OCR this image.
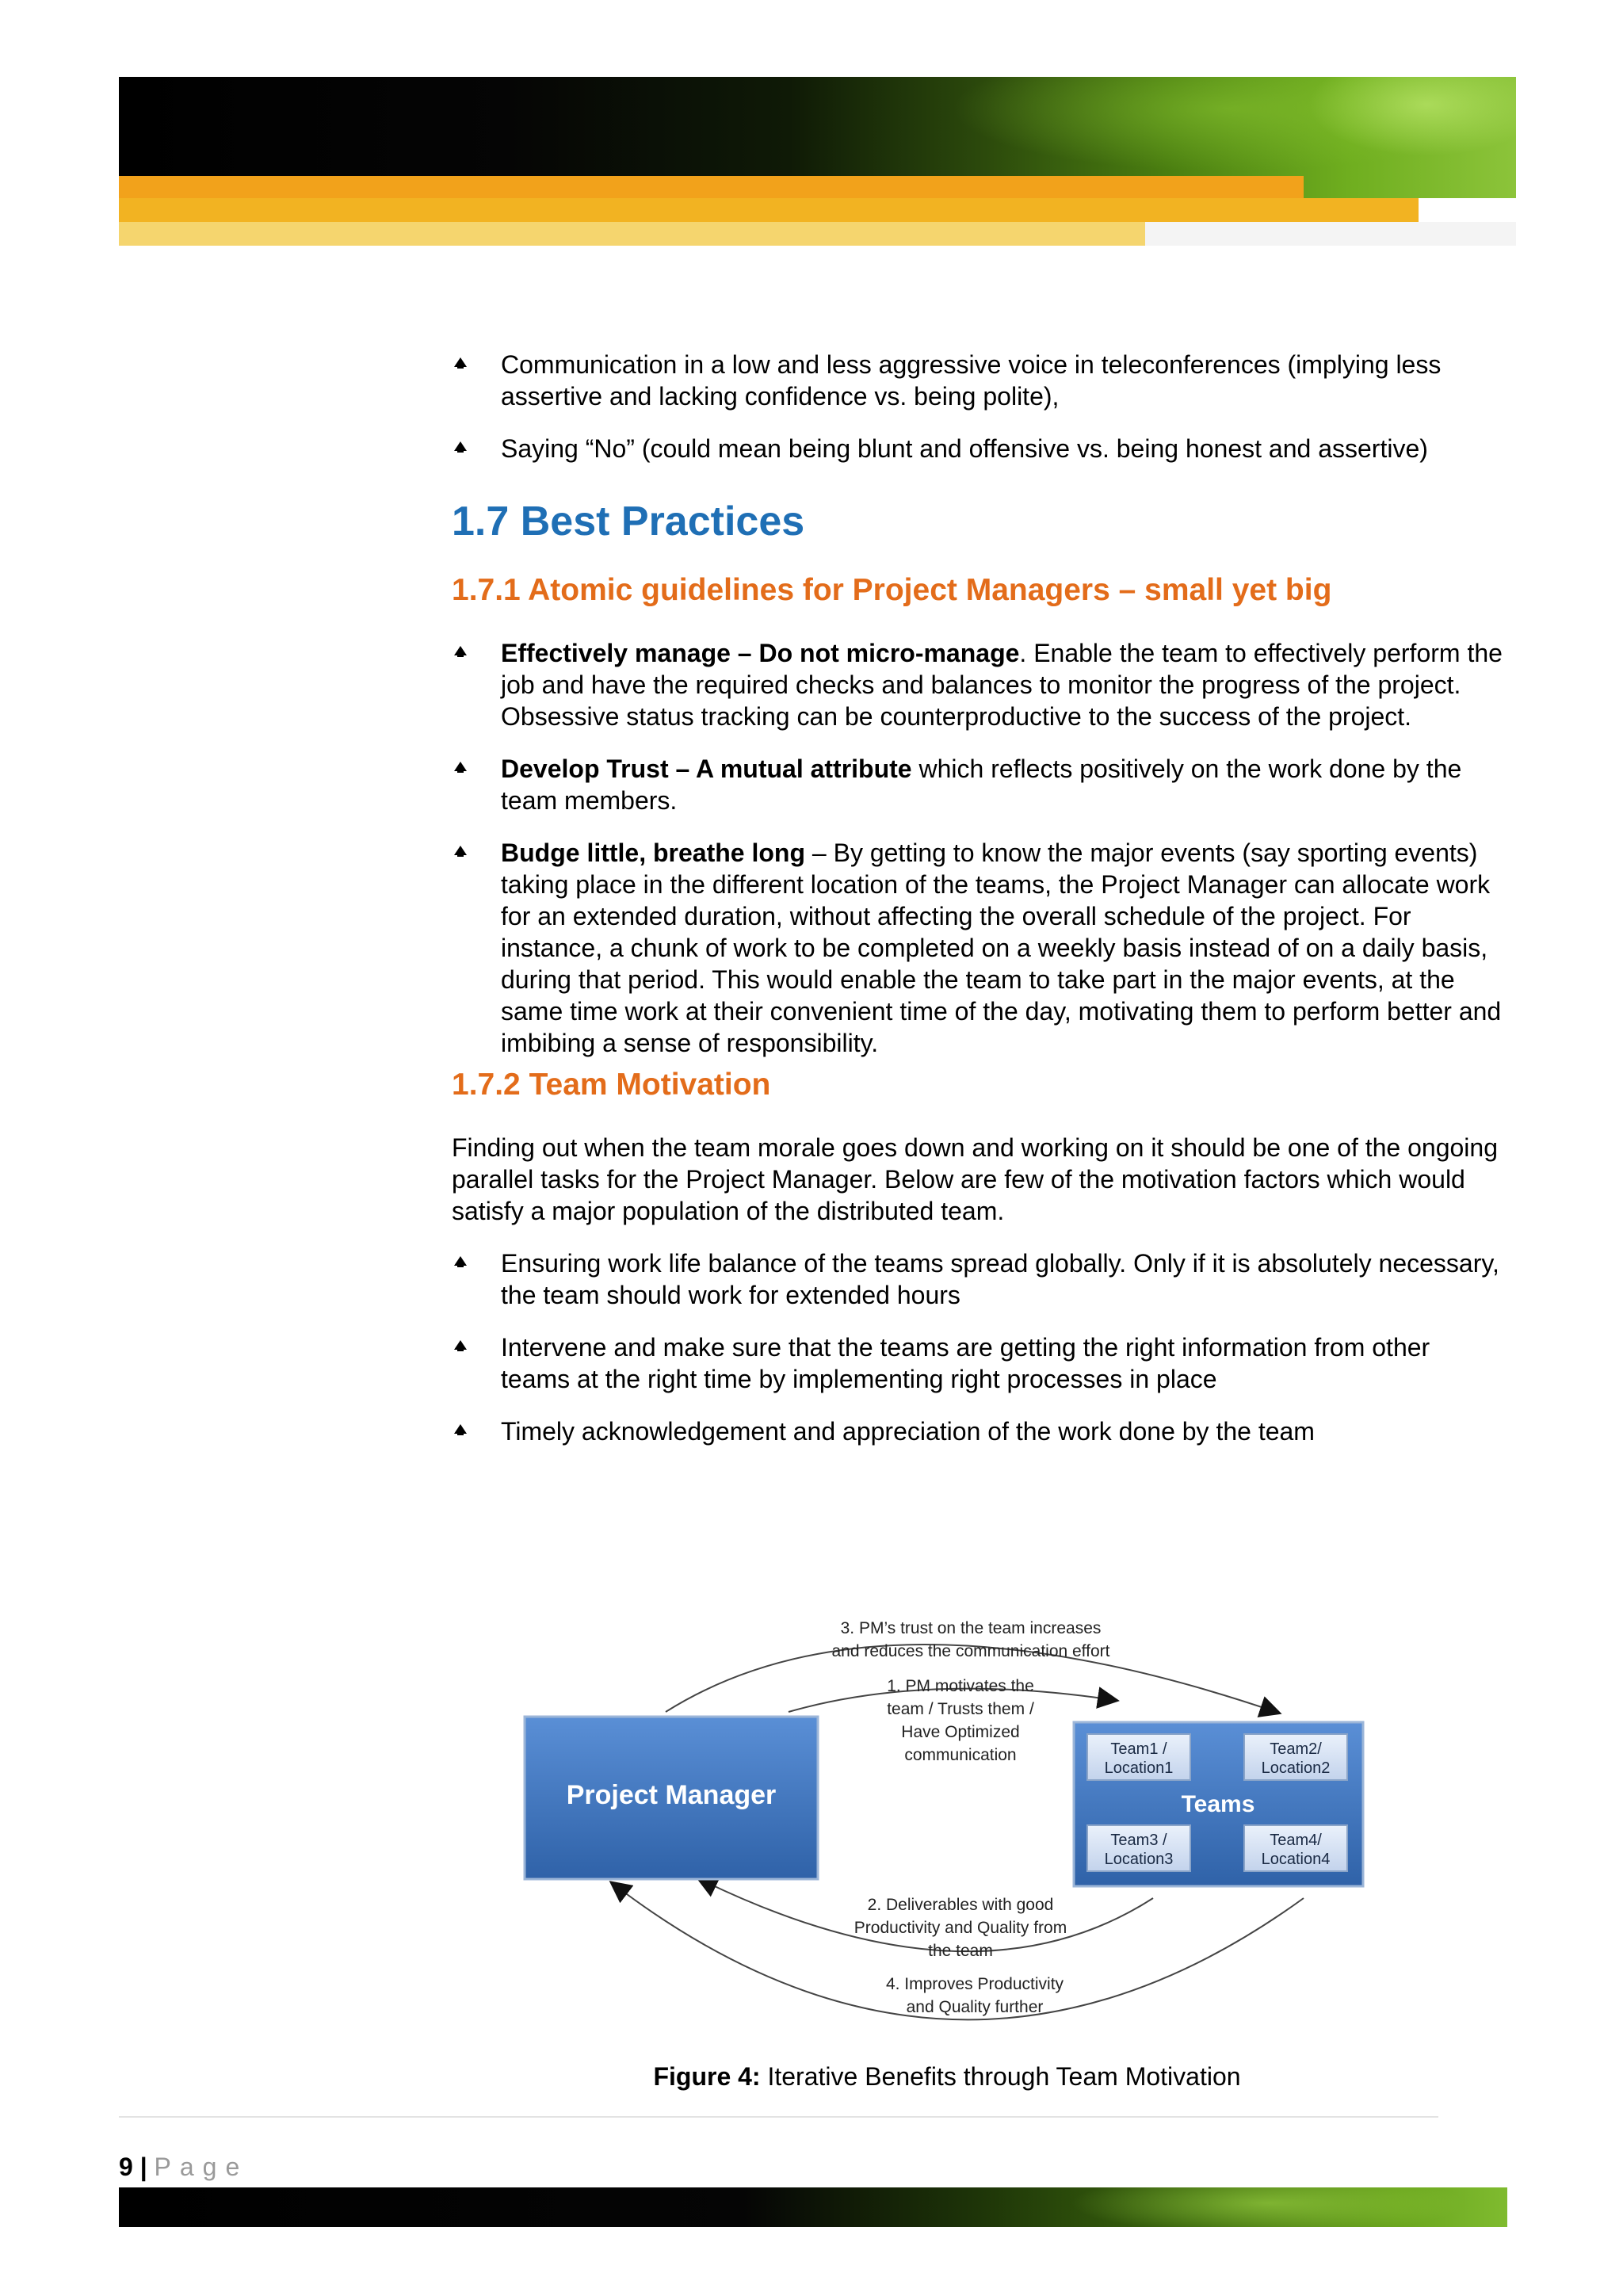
Communication in a low and less aggressive voice in teleconferences (implying less assertive and lacking confidence vs. being polite),
Saying “No” (could mean being blunt and offensive vs. being honest and assertive)
1.7 Best Practices
1.7.1 Atomic guidelines for Project Managers – small yet big
Effectively manage – Do not micro-manage. Enable the team to effectively perform the job and have the required checks and balances to monitor the progress of the project. Obsessive status tracking can be counterproductive to the success of the project.
Develop Trust – A mutual attribute which reflects positively on the work done by the team members.
Budge little, breathe long – By getting to know the major events (say sporting events) taking place in the different location of the teams, the Project Manager can allocate work for an extended duration, without affecting the overall schedule of the project. For instance, a chunk of work to be completed on a weekly basis instead of on a daily basis, during that period. This would enable the team to take part in the major events, at the same time work at their convenient time of the day, motivating them to perform better and imbibing a sense of responsibility.
1.7.2 Team Motivation

Finding out when the team morale goes down and working on it should be one of the ongoing parallel tasks for the Project Manager. Below are few of the motivation factors which would satisfy a major population of the distributed team.

Ensuring work life balance of the teams spread globally. Only if it is absolutely necessary, the team should work for extended hours
Intervene and make sure that the teams are getting the right information from other teams at the right time by implementing right processes in place
Timely acknowledgement and appreciation of the work done by the team
Project Manager
Team1 /
Location1
Team2/
Location2
Team3 /
Location3
Team4/
Location4
Teams
3. PM’s trust on the team increases
and reduces the communication effort
1. PM motivates the
team / Trusts them /
Have Optimized
communication
2. Deliverables with good
Productivity and Quality from
the team
4. Improves Productivity
and Quality further
Figure 4: Iterative Benefits through Team Motivation
9 | Page
